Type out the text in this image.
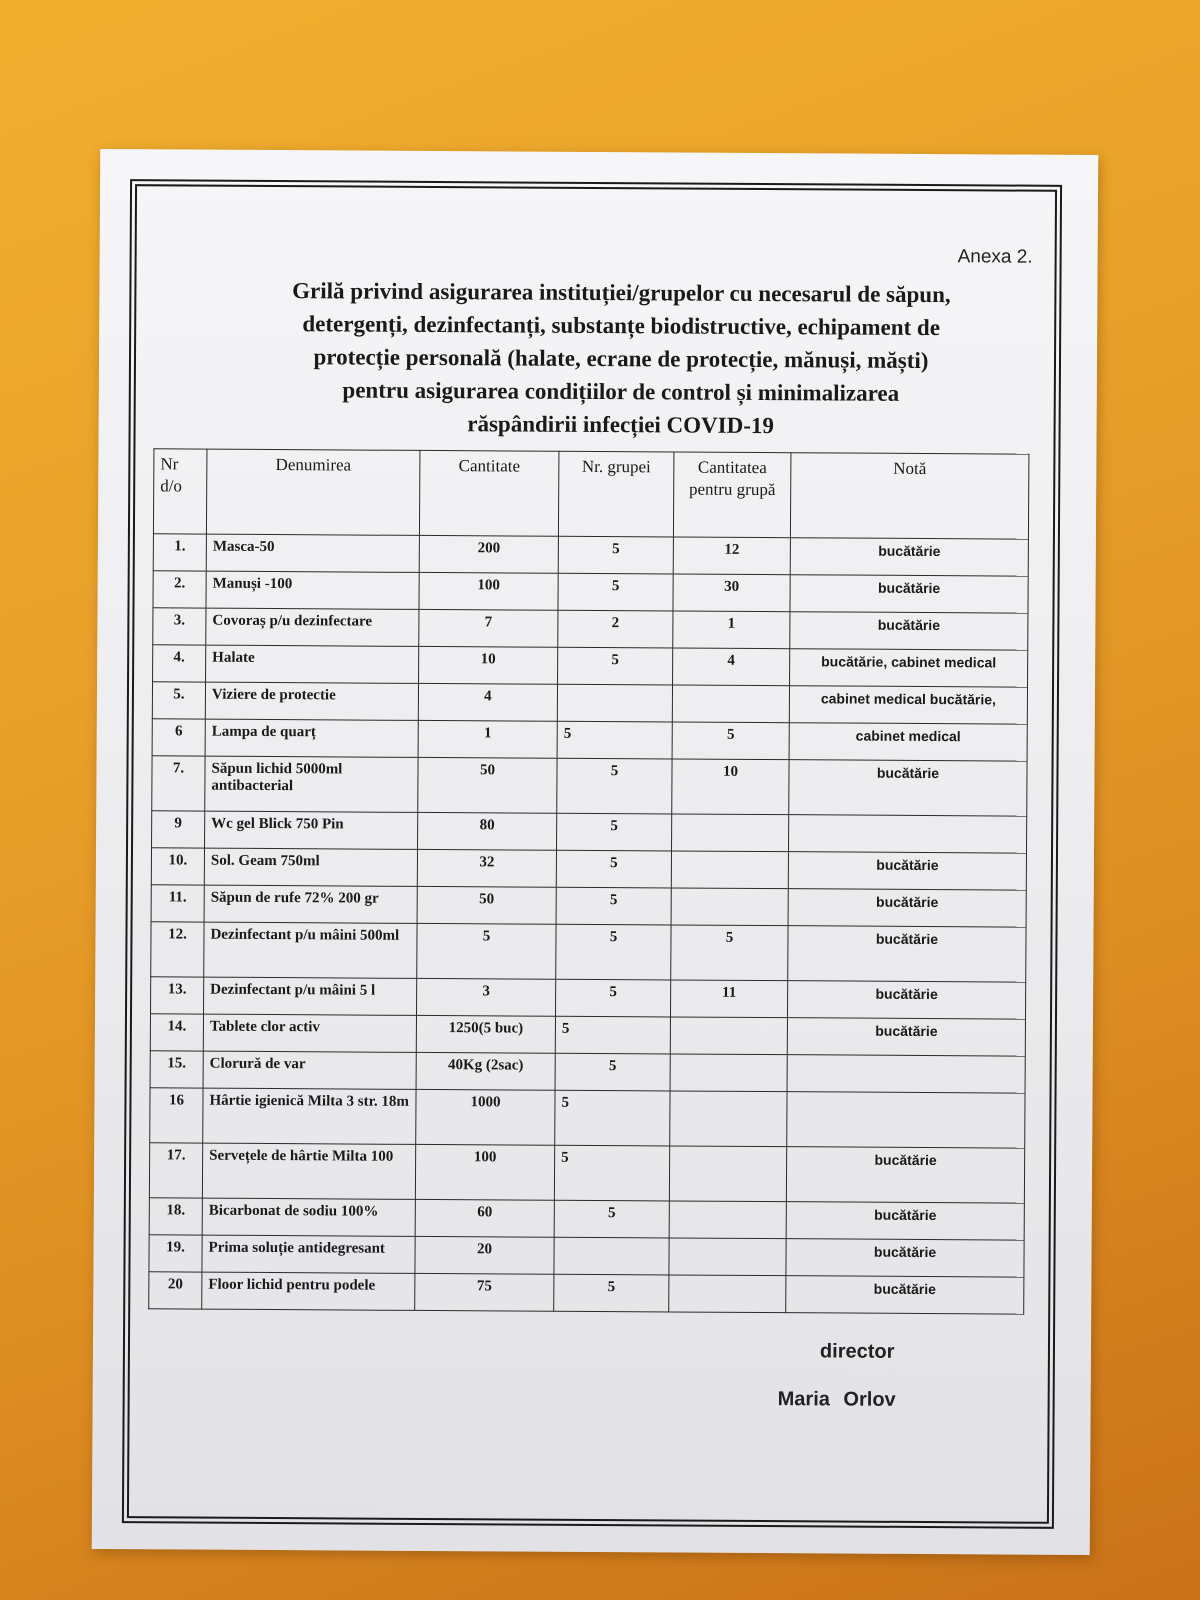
Anexa 2.
Grilă privind asigurarea instituției/grupelor cu necesarul de săpun,
detergenți, dezinfectanți, substanțe biodistructive, echipament de
protecție personală (halate, ecrane de protecție, mănuși, măști)
pentru asigurarea condițiilor de control și minimalizarea
răspândirii infecției COVID-19
Nr d/o	Denumirea	Cantitate	Nr. grupei	Cantitatea pentru grupă	Notă
1.	Masca-50	200	5	12	bucătărie
2.	Manuși -100	100	5	30	bucătărie
3.	Covoraș p/u dezinfectare	7	2	1	bucătărie
4.	Halate	10	5	4	bucătărie, cabinet medical
5.	Viziere de protectie	4			cabinet medical bucătărie,
6	Lampa de quarț	1	5	5	cabinet medical
7.	Săpun lichid 5000ml antibacterial	50	5	10	bucătărie
9	Wc gel Blick 750 Pin	80	5		
10.	Sol. Geam 750ml	32	5		bucătărie
11.	Săpun de rufe 72% 200 gr	50	5		bucătărie
12.	Dezinfectant p/u mâini 500ml	5	5	5	bucătărie
13.	Dezinfectant p/u mâini 5 l	3	5	11	bucătărie
14.	Tablete clor activ	1250(5 buc)	5		bucătărie
15.	Clorură de var	40Kg (2sac)	5		
16	Hârtie igienică Milta 3 str. 18m	1000	5		
17.	Servețele de hârtie Milta 100	100	5		bucătărie
18.	Bicarbonat de sodiu 100%	60	5		bucătărie
19.	Prima soluție antidegresant	20			bucătărie
20	Floor lichid pentru podele	75	5		bucătărie
director
Maria Orlov
